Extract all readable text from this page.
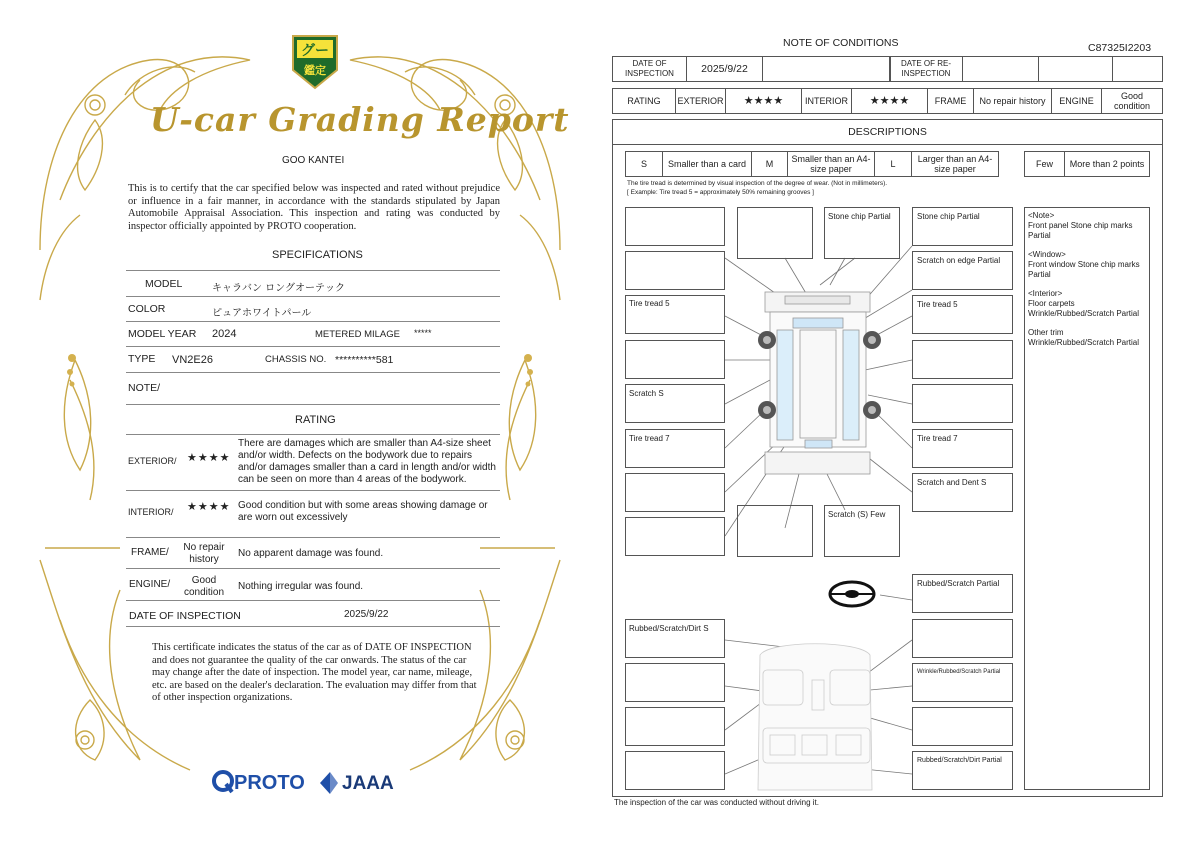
グー
鑑定
U-car Grading Report
GOO KANTEI
This is to certify that the car specified below was inspected and rated without prejudice or influence in a fair manner, in accordance with the standards stipulated by Japan Automobile Appraisal Association. This inspection and rating was conducted by inspector officially appointed by PROTO cooperation.
SPECIFICATIONS
MODEL	キャラバン ロングオーテック
COLOR	ピュアホワイトパール
MODEL YEAR 2024	METERED MILAGE *****
TYPE VN2E26	CHASSIS NO. **********581
NOTE/
RATING
EXTERIOR/ ★★★★
There are damages which are smaller than A4-size sheet and/or width. Defects on the bodywork due to repairs and/or damages smaller than a card in length and/or width can be seen on more than 4 areas of the bodywork.
INTERIOR/ ★★★★ Good condition but with some areas showing damage or are worn out excessively
FRAME/	No repair history
No apparent damage was found.
ENGINE/	Good condition
Nothing irregular was found.
DATE OF INSPECTION	2025/9/22
This certificate indicates the status of the car as of DATE OF INSPECTION and does not guarantee the quality of the car onwards. The status of the car may change after the date of inspection. The model year, car name, mileage, etc. are based on the dealer's declaration. The evaluation may differ from that of other inspection organizations.
PROTO JAAA
NOTE OF CONDITIONS	C87325I2203
DATE OF INSPECTION	2025/9/22	DATE OF RE-INSPECTION
RATING	EXTERIOR	★★★★	INTERIOR	★★★★	FRAME	No repair history	ENGINE	Good condition
DESCRIPTIONS
S	Smaller than a card	M	Smaller than an A4-size paper	L	Larger than an A4-size paper	Few	More than 2 points
The tire tread is determined by visual inspection of the degree of wear. (Not in millimeters).
[ Example: Tire tread 5 = approximately 50% remaining grooves ]
Tire tread 5
Scratch S
Tire tread 7
Rubbed/Scratch/Dirt S
Stone chip Partial
Scratch (S) Few
Stone chip Partial
Scratch on edge Partial
Tire tread 5
Tire tread 7
Scratch and Dent S
Rubbed/Scratch Partial
Wrinkle/Rubbed/Scratch Partial
Rubbed/Scratch/Dirt Partial
<Note>
Front panel Stone chip marks Partial
<Window>
Front window Stone chip marks Partial
<Interior>
Floor carpets Wrinkle/Rubbed/Scratch Partial
Other trim Wrinkle/Rubbed/Scratch Partial
The inspection of the car was conducted without driving it.
